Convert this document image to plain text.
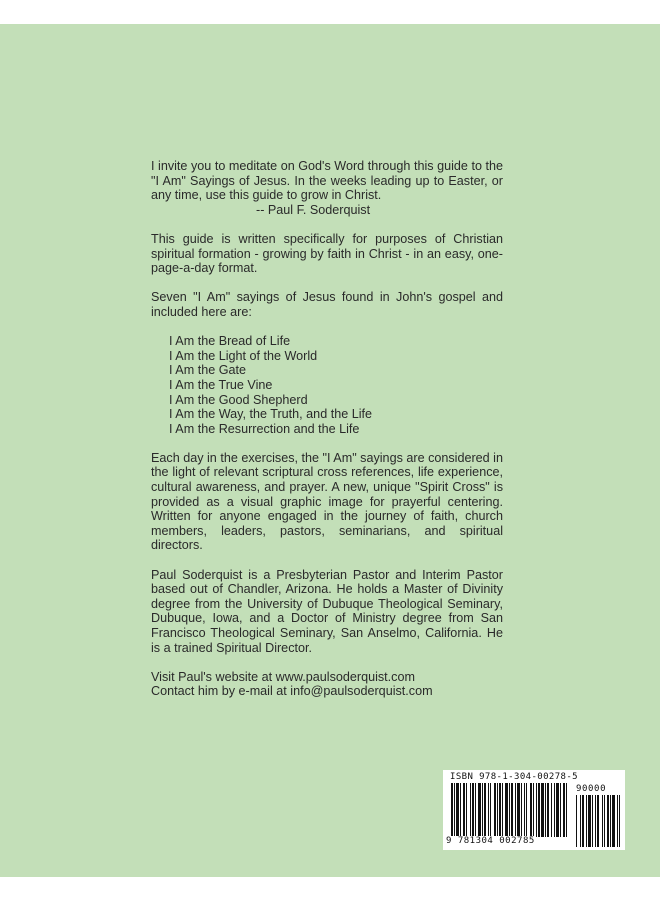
I invite you to meditate on God's Word through this guide to the "I Am" Sayings of Jesus. In the weeks leading up to Easter, or any time, use this guide to grow in Christ.
-- Paul F. Soderquist

This guide is written specifically for purposes of Christian spiritual formation - growing by faith in Christ - in an easy, one-page-a-day format.

Seven "I Am" sayings of Jesus found in John's gospel and included here are:

I Am the Bread of Life
I Am the Light of the World
I Am the Gate
I Am the True Vine
I Am the Good Shepherd
I Am the Way, the Truth, and the Life
I Am the Resurrection and the Life

Each day in the exercises, the "I Am" sayings are considered in the light of relevant scriptural cross references, life experience, cultural awareness, and prayer. A new, unique "Spirit Cross" is provided as a visual graphic image for prayerful centering. Written for anyone engaged in the journey of faith, church members, leaders, pastors, seminarians, and spiritual directors.

Paul Soderquist is a Presbyterian Pastor and Interim Pastor based out of Chandler, Arizona. He holds a Master of Divinity degree from the University of Dubuque Theological Seminary, Dubuque, Iowa, and a Doctor of Ministry degree from San Francisco Theological Seminary, San Anselmo, California. He is a trained Spiritual Director.

Visit Paul's website at www.paulsoderquist.com
Contact him by e-mail at info@paulsoderquist.com
ISBN 978-1-304-00278-5
90000
9 781304 002785
